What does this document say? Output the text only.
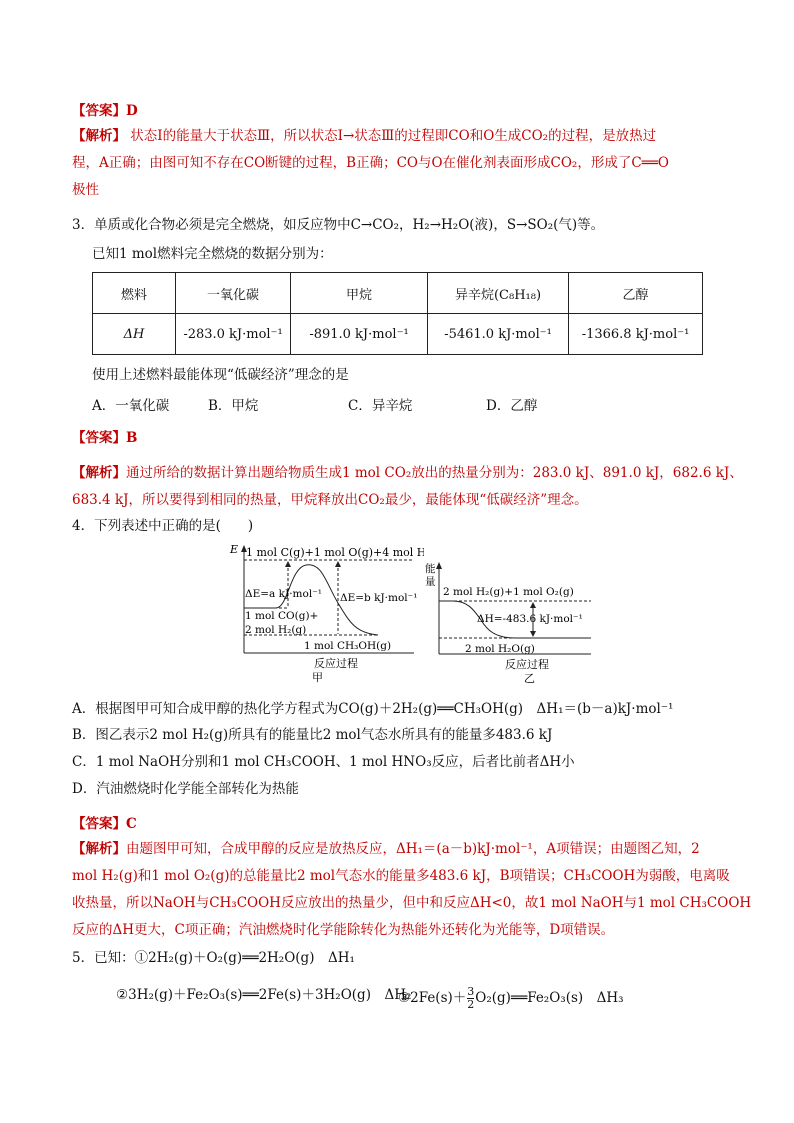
【答案】D
【解析】 状态Ⅰ的能量大于状态Ⅲ，所以状态Ⅰ→状态Ⅲ的过程即CO和O生成CO₂的过程，是放热过
程，A正确；由图可知不存在CO断键的过程，B正确；CO与O在催化剂表面形成CO₂，形成了C══O
极性
3．单质或化合物必须是完全燃烧，如反应物中C→CO₂，H₂→H₂O(液)，S→SO₂(气)等。
已知1 mol燃料完全燃烧的数据分别为：
燃料	一氧化碳	甲烷	异辛烷(C₈H₁₈)	乙醇
ΔH	-283.0 kJ·mol⁻¹	-891.0 kJ·mol⁻¹	-5461.0 kJ·mol⁻¹	-1366.8 kJ·mol⁻¹
使用上述燃料最能体现“低碳经济”理念的是
A．一氧化碳	B．甲烷	C．异辛烷	D．乙醇
【答案】B
【解析】通过所给的数据计算出题给物质生成1 mol CO₂放出的热量分别为：283.0 kJ、891.0 kJ，682.6 kJ、
683.4 kJ，所以要得到相同的热量，甲烷释放出CO₂最少，最能体现“低碳经济”理念。
4．下列表述中正确的是(　　)
E 1 mol C(g)+1 mol O(g)+4 mol H(g)
ΔE=a kJ·mol⁻¹ ΔE=b kJ·mol⁻¹
1 mol CO(g)+
2 mol H₂(g)
1 mol CH₃OH(g)
反应过程
甲
能
量
2 mol H₂(g)+1 mol O₂(g)
ΔH=-483.6 kJ·mol⁻¹
2 mol H₂O(g)
反应过程
乙
A．根据图甲可知合成甲醇的热化学方程式为CO(g)＋2H₂(g)══CH₃OH(g)　ΔH₁＝(b－a)kJ·mol⁻¹
B．图乙表示2 mol H₂(g)所具有的能量比2 mol气态水所具有的能量多483.6 kJ
C．1 mol NaOH分别和1 mol CH₃COOH、1 mol HNO₃反应，后者比前者ΔH小
D．汽油燃烧时化学能全部转化为热能
【答案】C
【解析】由题图甲可知，合成甲醇的反应是放热反应，ΔH₁＝(a－b)kJ·mol⁻¹，A项错误；由题图乙知，2
mol H₂(g)和1 mol O₂(g)的总能量比2 mol气态水的能量多483.6 kJ，B项错误；CH₃COOH为弱酸，电离吸
收热量，所以NaOH与CH₃COOH反应放出的热量少，但中和反应ΔH<0，故1 mol NaOH与1 mol CH₃COOH
反应的ΔH更大，C项正确；汽油燃烧时化学能除转化为热能外还转化为光能等，D项错误。
5．已知：①2H₂(g)＋O₂(g)══2H₂O(g)　ΔH₁
②3H₂(g)＋Fe₂O₃(s)══2Fe(s)＋3H₂O(g)　ΔH₂
③2Fe(s)＋ $\frac{3}{2}$ O₂(g)══Fe₂O₃(s)　ΔH₃
